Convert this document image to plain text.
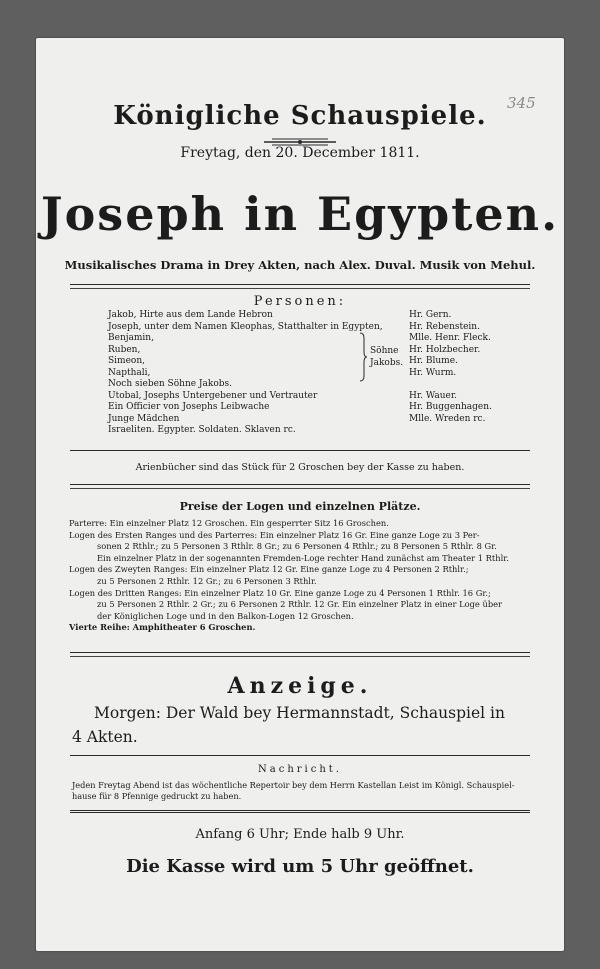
345
Königliche Schauspiele.
Freytag, den 20. December 1811.
Joseph in Egypten.
Musikalisches Drama in Drey Akten, nach Alex. Duval. Musik von Mehul.
Personen:
Jakob, Hirte aus dem Lande Hebron
Joseph, unter dem Namen Kleophas, Statthalter in Egypten,
Benjamin,
Ruben,
Simeon,
Napthali,
Noch sieben Söhne Jakobs.
Utobal, Josephs Untergebener und Vertrauter
Ein Officier von Josephs Leibwache
Junge Mädchen
Israeliten. Egypter. Soldaten. Sklaven rc.
Söhne
Jakobs.
Hr. Gern.
Hr. Rebenstein.
Mlle. Henr. Fleck.
Hr. Holzbecher.
Hr. Blume.
Hr. Wurm.
Hr. Wauer.
Hr. Buggenhagen.
Mlle. Wreden rc.
Arienbücher sind das Stück für 2 Groschen bey der Kasse zu haben.
Preise der Logen und einzelnen Plätze.
Parterre: Ein einzelner Platz 12 Groschen. Ein gesperrter Sitz 16 Groschen.
Logen des Ersten Ranges und des Parterres: Ein einzelner Platz 16 Gr. Eine ganze Loge zu 3 Per-
sonen 2 Rthlr.; zu 5 Personen 3 Rthlr. 8 Gr.; zu 6 Personen 4 Rthlr.; zu 8 Personen 5 Rthlr. 8 Gr.
Ein einzelner Platz in der sogenannten Fremden-Loge rechter Hand zunächst am Theater 1 Rthlr.
Logen des Zweyten Ranges: Ein einzelner Platz 12 Gr. Eine ganze Loge zu 4 Personen 2 Rthlr.;
zu 5 Personen 2 Rthlr. 12 Gr.; zu 6 Personen 3 Rthlr.
Logen des Dritten Ranges: Ein einzelner Platz 10 Gr. Eine ganze Loge zu 4 Personen 1 Rthlr. 16 Gr.;
zu 5 Personen 2 Rthlr. 2 Gr.; zu 6 Personen 2 Rthlr. 12 Gr. Ein einzelner Platz in einer Loge über
der Königlichen Loge und in den Balkon-Logen 12 Groschen.
Vierte Reihe: Amphitheater 6 Groschen.
Anzeige.
Morgen: Der Wald bey Hermannstadt, Schauspiel in
4 Akten.
Nachricht.
Jeden Freytag Abend ist das wöchentliche Repertoir bey dem Herrn Kastellan Leist im Königl. Schauspiel-
hause für 8 Pfennige gedruckt zu haben.
Anfang 6 Uhr; Ende halb 9 Uhr.
Die Kasse wird um 5 Uhr geöffnet.
